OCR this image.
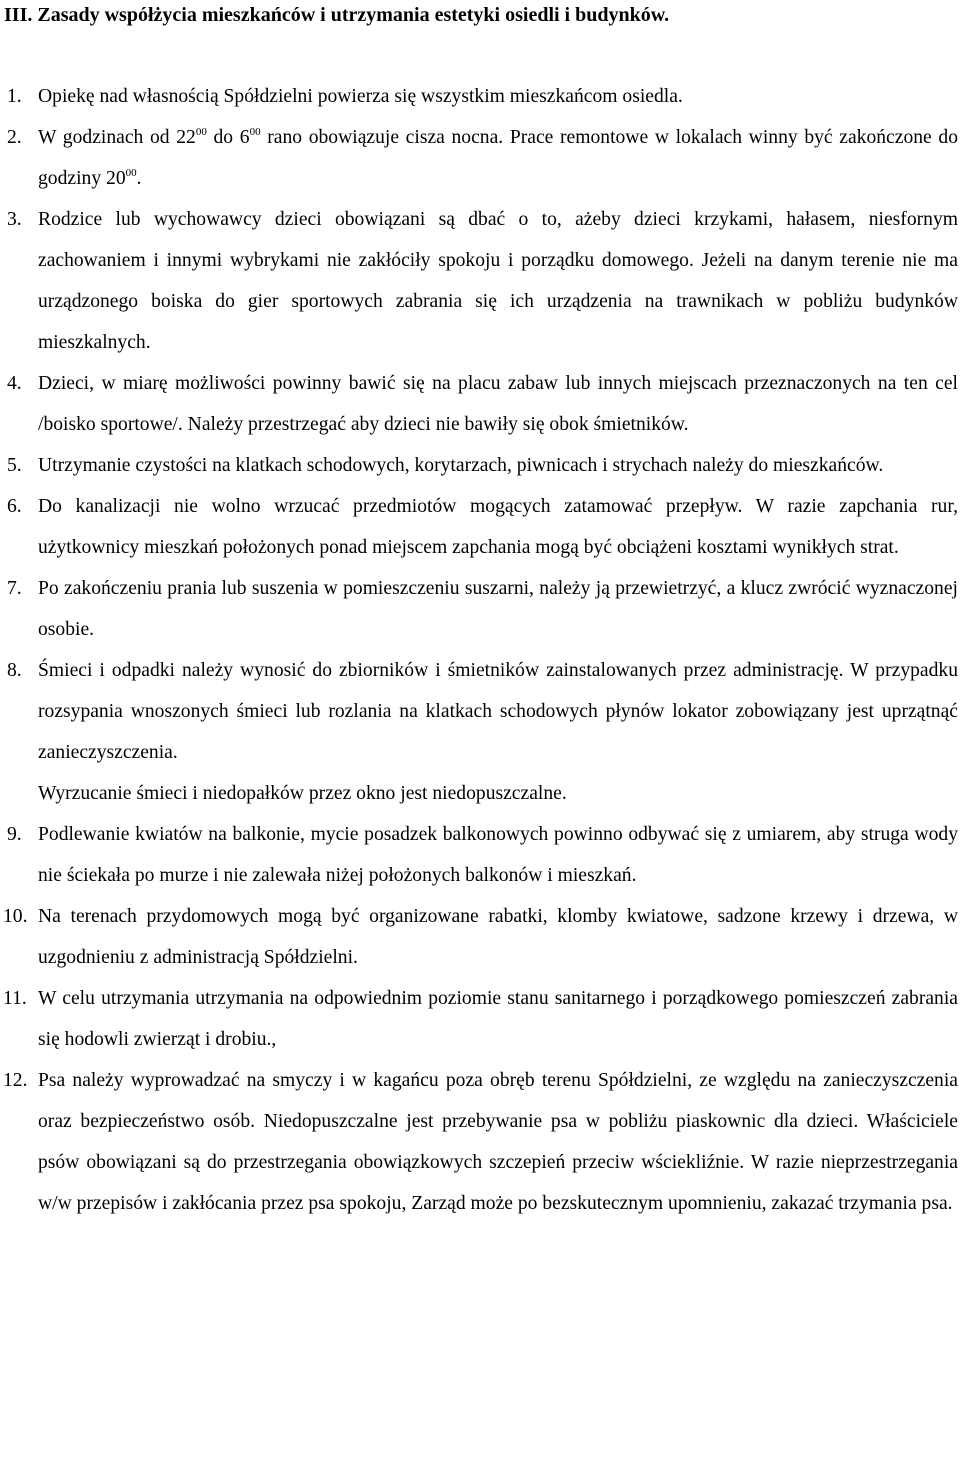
III. Zasady współżycia mieszkańców i utrzymania estetyki osiedli i budynków.
1. Opiekę nad własnością Spółdzielni powierza się wszystkim mieszkańcom osiedla.
2. W godzinach od $22^{00}$ do $6^{00}$ rano obowiązuje cisza nocna. Prace remontowe w lokalach winny być zakończone do godziny $20^{00}$.
3. Rodzice lub wychowawcy dzieci obowiązani są dbać o to, ażeby dzieci krzykami, hałasem, niesfornym zachowaniem i innymi wybrykami nie zakłóciły spokoju i porządku domowego. Jeżeli na danym terenie nie ma urządzonego boiska do gier sportowych zabrania się ich urządzenia na trawnikach w pobliżu budynków mieszkalnych.
4. Dzieci, w miarę możliwości powinny bawić się na placu zabaw lub innych miejscach przeznaczonych na ten cel /boisko sportowe/. Należy przestrzegać aby dzieci nie bawiły się obok śmietników.
5. Utrzymanie czystości na klatkach schodowych, korytarzach, piwnicach i strychach należy do mieszkańców.
6. Do kanalizacji nie wolno wrzucać przedmiotów mogących zatamować przepływ. W razie zapchania rur, użytkownicy mieszkań położonych ponad miejscem zapchania mogą być obciążeni kosztami wynikłych strat.
7. Po zakończeniu prania lub suszenia w pomieszczeniu suszarni, należy ją przewietrzyć, a klucz zwrócić wyznaczonej osobie.
8. Śmieci i odpadki należy wynosić do zbiorników i śmietników zainstalowanych przez administrację. W przypadku rozsypania wnoszonych śmieci lub rozlania na klatkach schodowych płynów lokator zobowiązany jest uprzątnąć zanieczyszczenia.
Wyrzucanie śmieci i niedopałków przez okno jest niedopuszczalne.
9. Podlewanie kwiatów na balkonie, mycie posadzek balkonowych powinno odbywać się z umiarem, aby struga wody nie ściekała po murze i nie zalewała niżej położonych balkonów i mieszkań.
10. Na terenach przydomowych mogą być organizowane rabatki, klomby kwiatowe, sadzone krzewy i drzewa, w uzgodnieniu z administracją Spółdzielni.
11. W celu utrzymania utrzymania na odpowiednim poziomie stanu sanitarnego i porządkowego pomieszczeń zabrania się hodowli zwierząt i drobiu.,
12. Psa należy wyprowadzać na smyczy i w kagańcu poza obręb terenu Spółdzielni, ze względu na zanieczyszczenia oraz bezpieczeństwo osób. Niedopuszczalne jest przebywanie psa w pobliżu piaskownic dla dzieci. Właściciele psów obowiązani są do przestrzegania obowiązkowych szczepień przeciw wściekliźnie. W razie nieprzestrzegania w/w przepisów i zakłócania przez psa spokoju, Zarząd może po bezskutecznym upomnieniu, zakazać trzymania psa.
